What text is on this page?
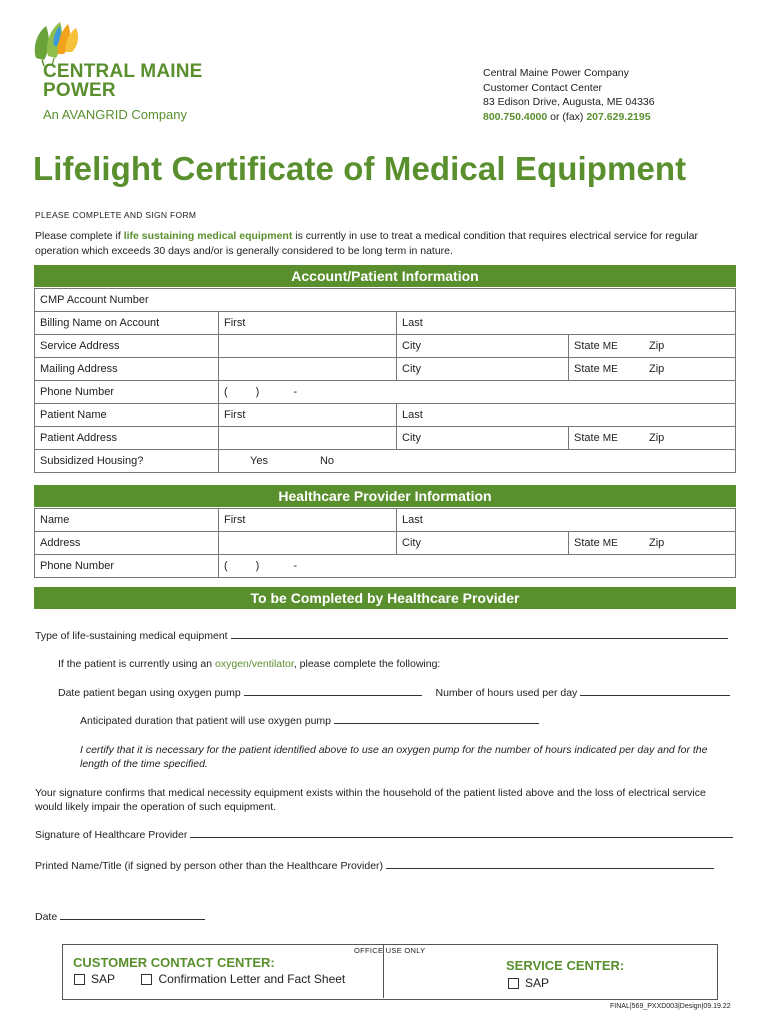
CENTRAL MAINE
POWER
An AVANGRID Company
Central Maine Power Company
Customer Contact Center
83 Edison Drive, Augusta, ME 04336
800.750.4000 or (fax) 207.629.2195
Lifelight Certificate of Medical Equipment
PLEASE COMPLETE AND SIGN FORM
Please complete if life sustaining medical equipment is currently in use to treat a medical condition that requires electrical service for regular operation which exceeds 30 days and/or is generally considered to be long term in nature.
Account/Patient Information
CMP Account Number				
Billing Name on Account	First	Last		
Service Address		City	State ME	Zip
Mailing Address		City	State ME	Zip
Phone Number	( ) -			
Patient Name	First	Last		
Patient Address		City	State ME	Zip
Subsidized Housing?	Yes No			
Healthcare Provider Information
Name	First	Last		
Address		City	State ME	Zip
Phone Number	( ) -			
To be Completed by Healthcare Provider
Type of life-sustaining medical equipment
If the patient is currently using an oxygen/ventilator, please complete the following:
Date patient began using oxygen pump	Number of hours used per day
Anticipated duration that patient will use oxygen pump
I certify that it is necessary for the patient identified above to use an oxygen pump for the number of hours indicated per day and for the length of the time specified.
Your signature confirms that medical necessity equipment exists within the household of the patient listed above and the loss of electrical service would likely impair the operation of such equipment.
Signature of Healthcare Provider
Printed Name/Title (if signed by person other than the Healthcare Provider)
Date
OFFICE USE ONLY
CUSTOMER CONTACT CENTER:
SAP	Confirmation Letter and Fact Sheet
SERVICE CENTER:
SAP
FINAL|569_PXXD003|Design|09.19.22
